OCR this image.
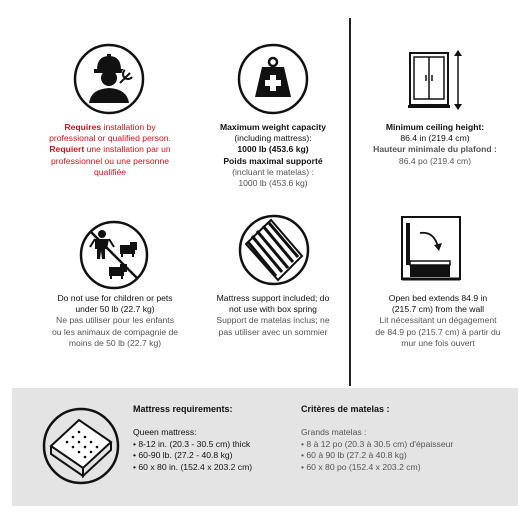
Requires installation by
professional or qualified person.
Requiert une installation par un
professionnel ou une personne
qualifiée
Maximum weight capacity
(including mattress):
1000 lb (453.6 kg)
Poids maximal supporté
(incluant le matelas) :
1000 lb (453.6 kg)
Minimum ceiling height:
86.4 in (219.4 cm)
Hauteur minimale du plafond :
86.4 po (219.4 cm)
Do not use for children or pets
under 50 lb (22.7 kg)
Ne pas utiliser pour les enfants
ou les animaux de compagnie de
moins de 50 lb (22.7 kg)
Mattress support included; do
not use with box spring
Support de matelas inclus; ne
pas utiliser avec un sommier
Open bed extends 84.9 in
(215.7 cm) from the wall
Lit nécessitant un dégagement
de 84.9 po (215.7 cm) à partir du
mur une fois ouvert
Mattress requirements:
Queen mattress:
• 8-12 in. (20.3 - 30.5 cm) thick
• 60-90 lb. (27.2 - 40.8 kg)
• 60 x 80 in. (152.4 x 203.2 cm)
Critères de matelas :
Grands matelas :
• 8 à 12 po (20.3 à 30.5 cm) d'épaisseur
• 60 à 90 lb (27.2 à 40.8 kg)
• 60 x 80 po (152.4 x 203.2 cm)
